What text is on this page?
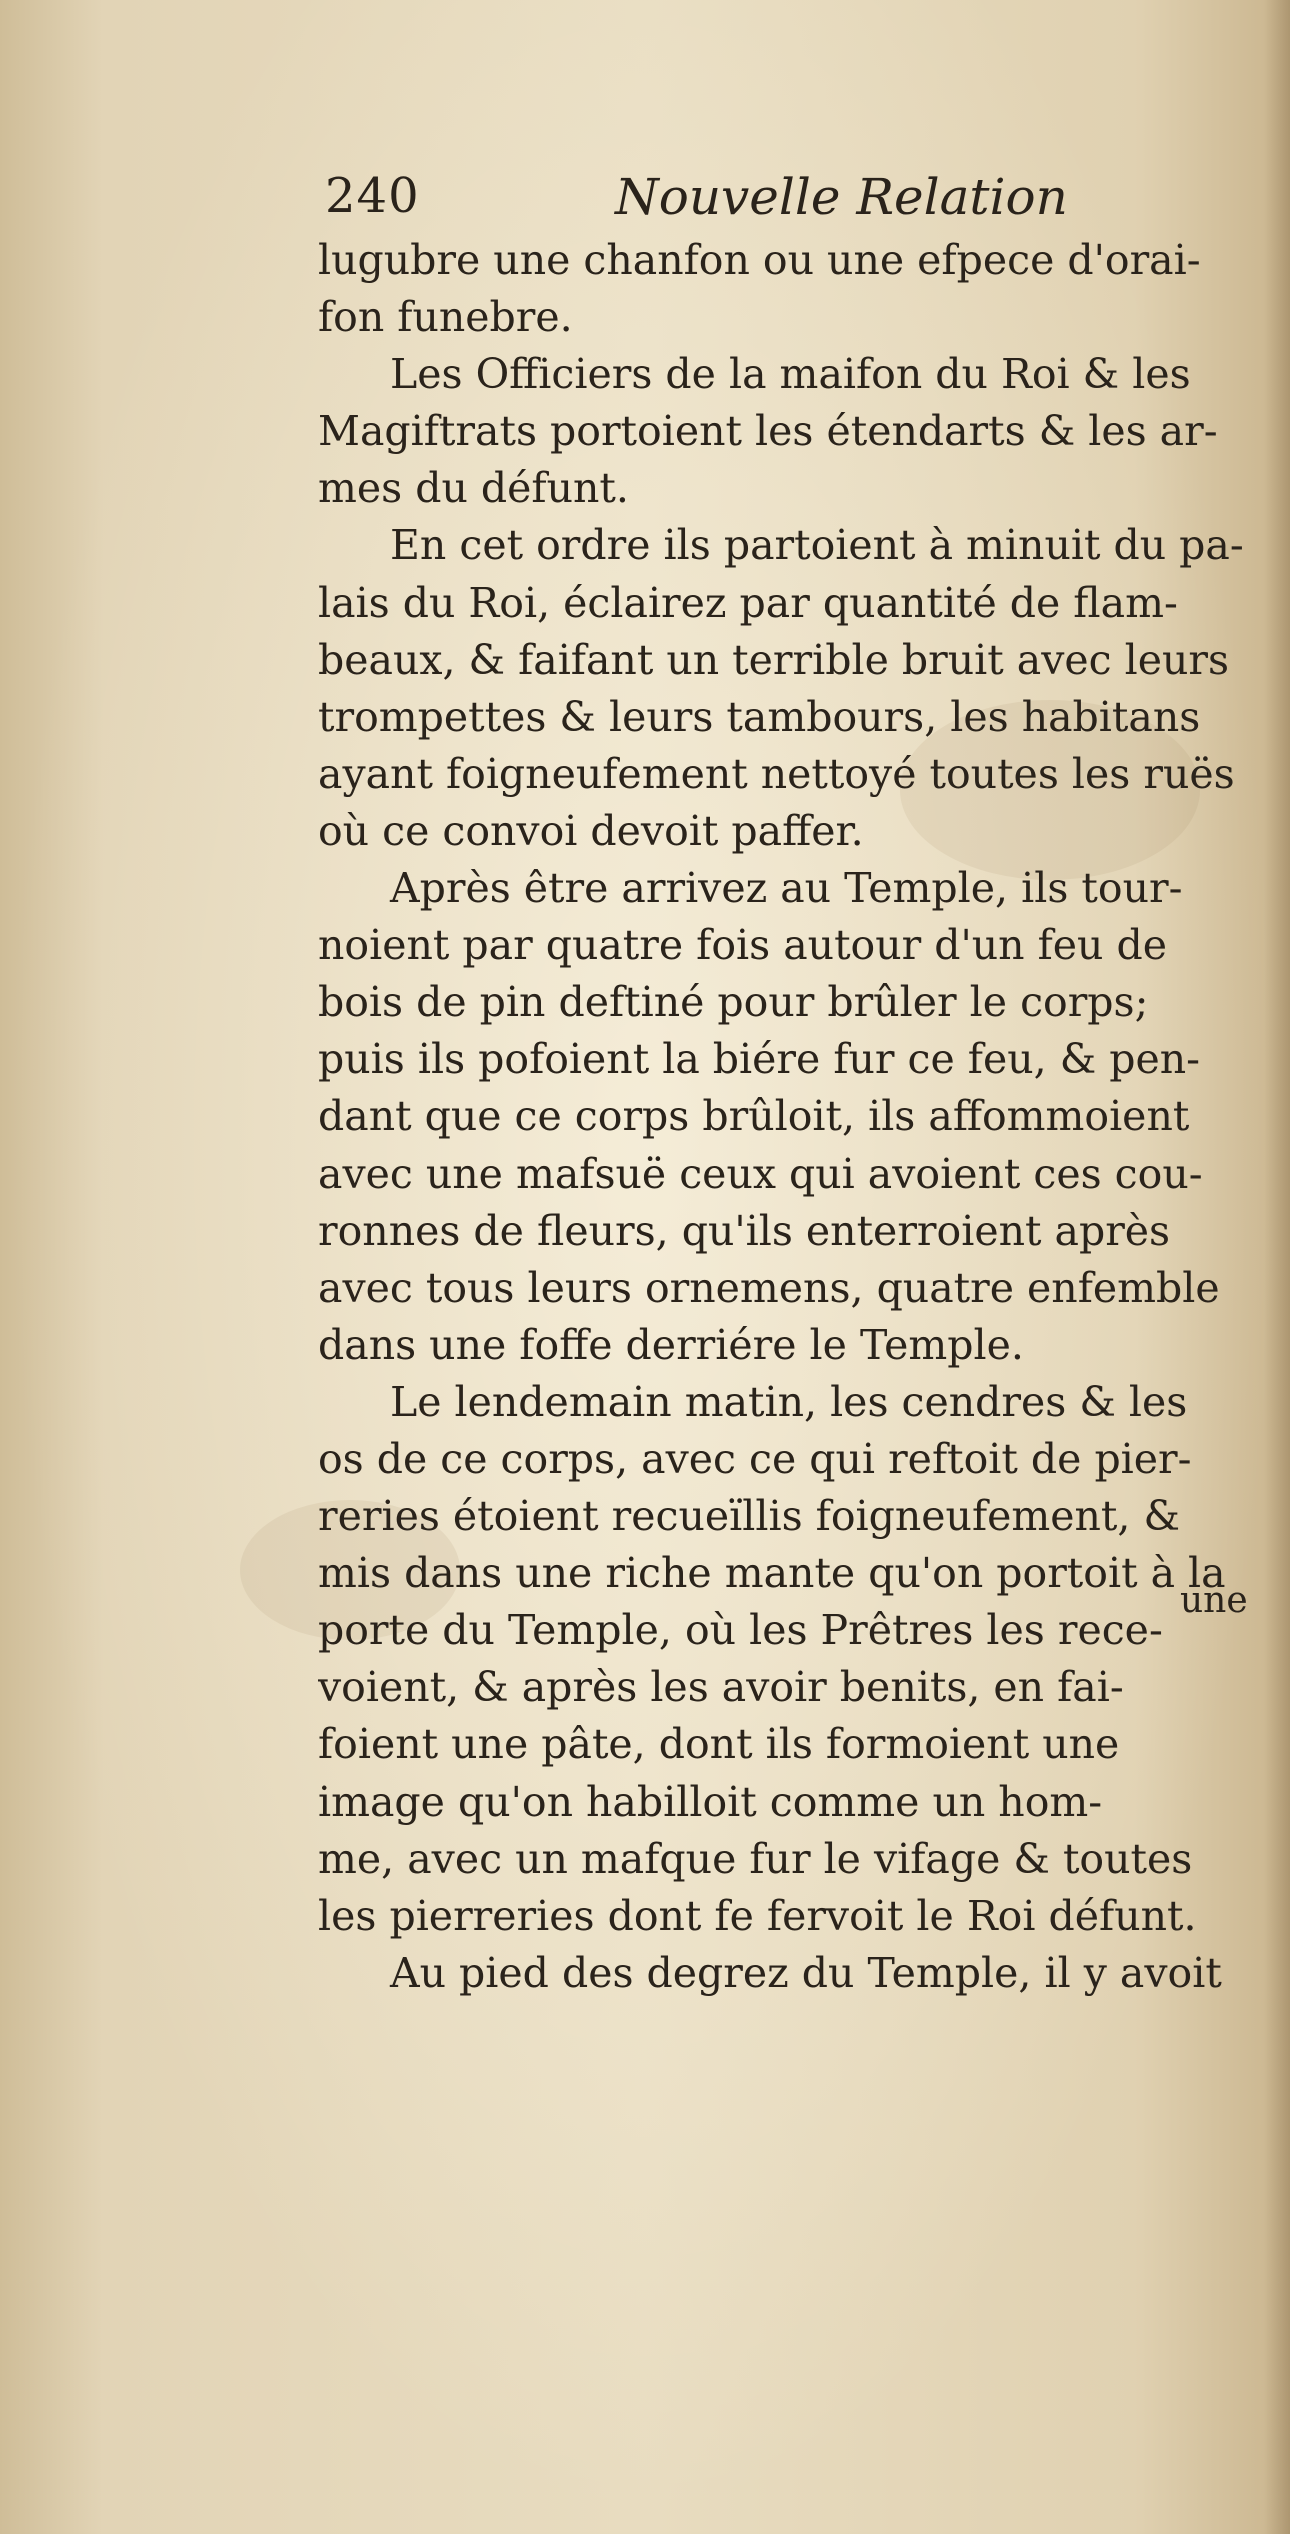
240	Nouvelle Relation
lugubre une chanfon ou une efpece d'orai-
fon funebre.
Les Officiers de la maifon du Roi & les
Magiftrats portoient les étendarts & les ar-
mes du défunt.
En cet ordre ils partoient à minuit du pa-
lais du Roi, éclairez par quantité de flam-
beaux, & faifant un terrible bruit avec leurs
trompettes & leurs tambours, les habitans
ayant foigneufement nettoyé toutes les ruës
où ce convoi devoit paffer.
Après être arrivez au Temple, ils tour-
noient par quatre fois autour d'un feu de
bois de pin deftiné pour brûler le corps;
puis ils pofoient la biére fur ce feu, & pen-
dant que ce corps brûloit, ils affommoient
avec une mafsuë ceux qui avoient ces cou-
ronnes de fleurs, qu'ils enterroient après
avec tous leurs ornemens, quatre enfemble
dans une foffe derriére le Temple.
Le lendemain matin, les cendres & les
os de ce corps, avec ce qui reftoit de pier-
reries étoient recueïllis foigneufement, &
mis dans une riche mante qu'on portoit à la
porte du Temple, où les Prêtres les rece-
voient, & après les avoir benits, en fai-
foient une pâte, dont ils formoient une
image qu'on habilloit comme un hom-
me, avec un mafque fur le vifage & toutes
les pierreries dont fe fervoit le Roi défunt.
Au pied des degrez du Temple, il y avoit
une
